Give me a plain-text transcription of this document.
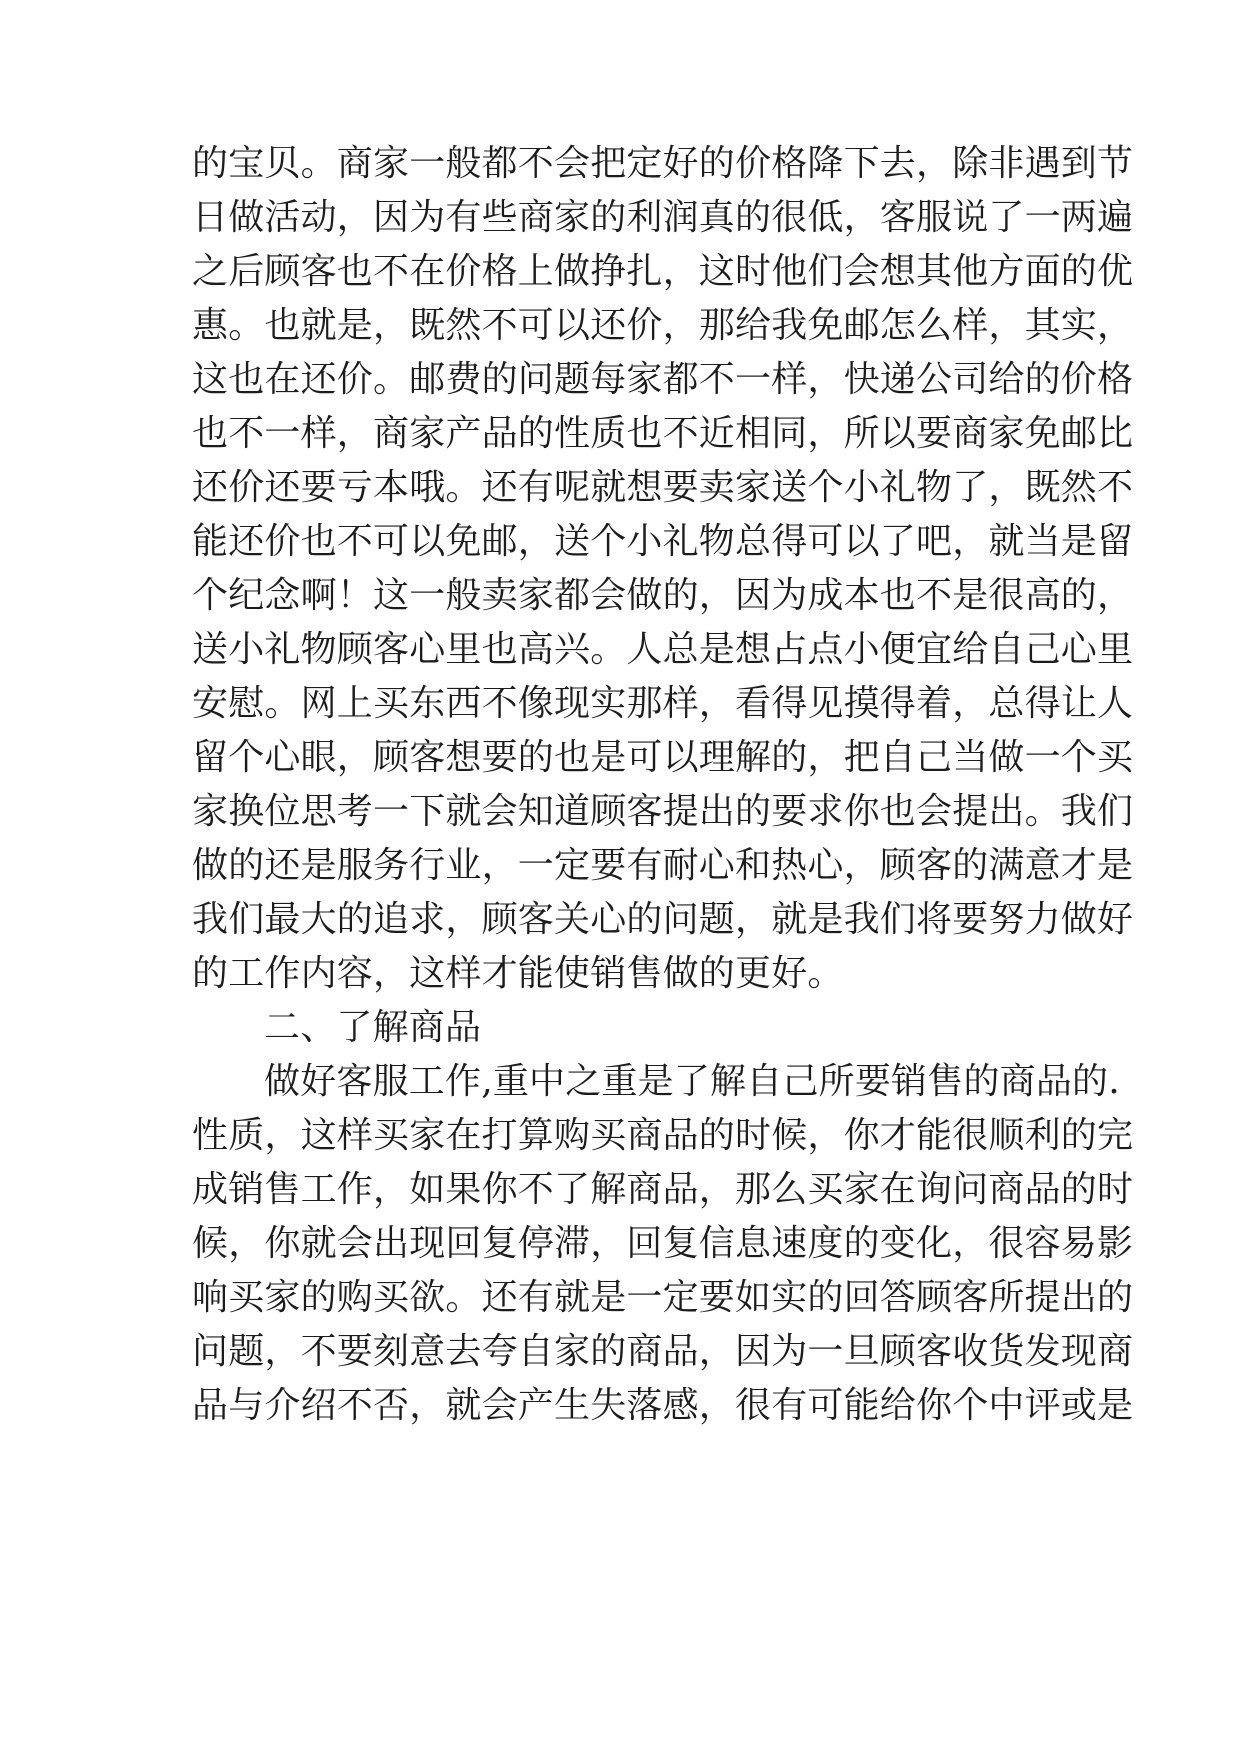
的宝贝。商家一般都不会把定好的价格降下去，除非遇到节
日做活动，因为有些商家的利润真的很低，客服说了一两遍
之后顾客也不在价格上做挣扎，这时他们会想其他方面的优
惠。也就是，既然不可以还价，那给我免邮怎么样，其实，
这也在还价。邮费的问题每家都不一样，快递公司给的价格
也不一样，商家产品的性质也不近相同，所以要商家免邮比
还价还要亏本哦。还有呢就想要卖家送个小礼物了，既然不
能还价也不可以免邮，送个小礼物总得可以了吧，就当是留
个纪念啊！这一般卖家都会做的，因为成本也不是很高的，
送小礼物顾客心里也高兴。人总是想占点小便宜给自己心里
安慰。网上买东西不像现实那样，看得见摸得着，总得让人
留个心眼，顾客想要的也是可以理解的，把自己当做一个买
家换位思考一下就会知道顾客提出的要求你也会提出。我们
做的还是服务行业，一定要有耐心和热心，顾客的满意才是
我们最大的追求，顾客关心的问题，就是我们将要努力做好
的工作内容，这样才能使销售做的更好。
二、了解商品
做好客服工作,重中之重是了解自己所要销售的商品的.
性质，这样买家在打算购买商品的时候，你才能很顺利的完
成销售工作，如果你不了解商品，那么买家在询问商品的时
候，你就会出现回复停滞，回复信息速度的变化，很容易影
响买家的购买欲。还有就是一定要如实的回答顾客所提出的
问题，不要刻意去夸自家的商品，因为一旦顾客收货发现商
品与介绍不否，就会产生失落感，很有可能给你个中评或是
